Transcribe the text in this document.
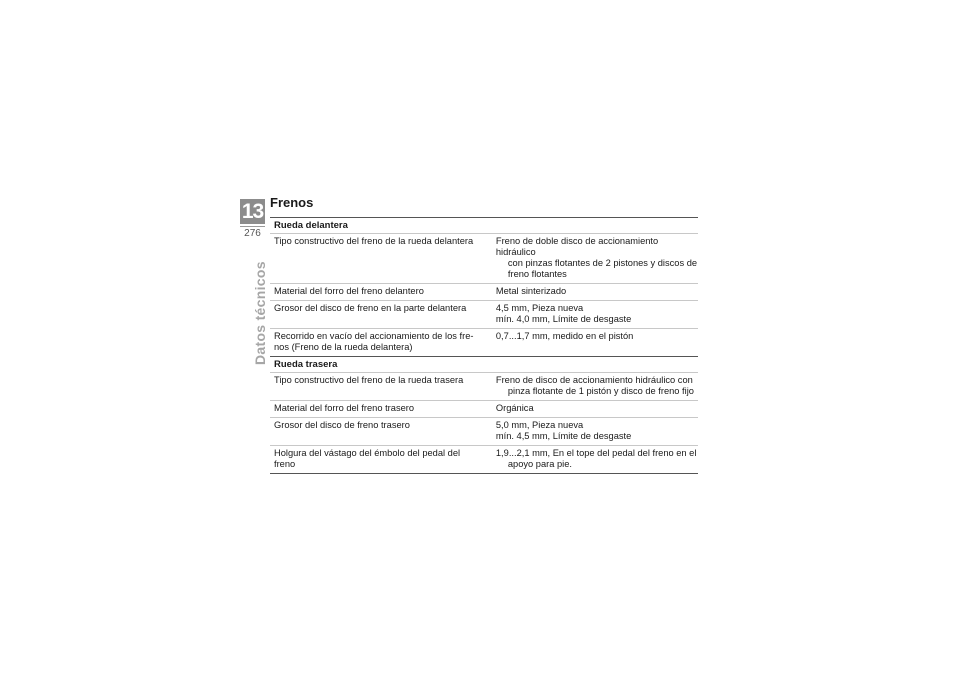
13
276
Datos técnicos
Frenos
Rueda delantera	
Tipo constructivo del freno de la rueda delantera	Freno de doble disco de accionamiento hidráulico
con pinzas flotantes de 2 pistones y discos de
freno flotantes

Material del forro del freno delantero	Metal sinterizado

Grosor del disco de freno en la parte delantera	4,5 mm, Pieza nueva
mín. 4,0 mm, Límite de desgaste

Recorrido en vacío del accionamiento de los fre-
nos (Freno de la rueda delantera)	0,7...1,7 mm, medido en el pistón

Rueda trasera	
Tipo constructivo del freno de la rueda trasera	Freno de disco de accionamiento hidráulico con
pinza flotante de 1 pistón y disco de freno fijo

Material del forro del freno trasero	Orgánica

Grosor del disco de freno trasero	5,0 mm, Pieza nueva
mín. 4,5 mm, Límite de desgaste

Holgura del vástago del émbolo del pedal del
freno	1,9...2,1 mm, En el tope del pedal del freno en el
apoyo para pie.
